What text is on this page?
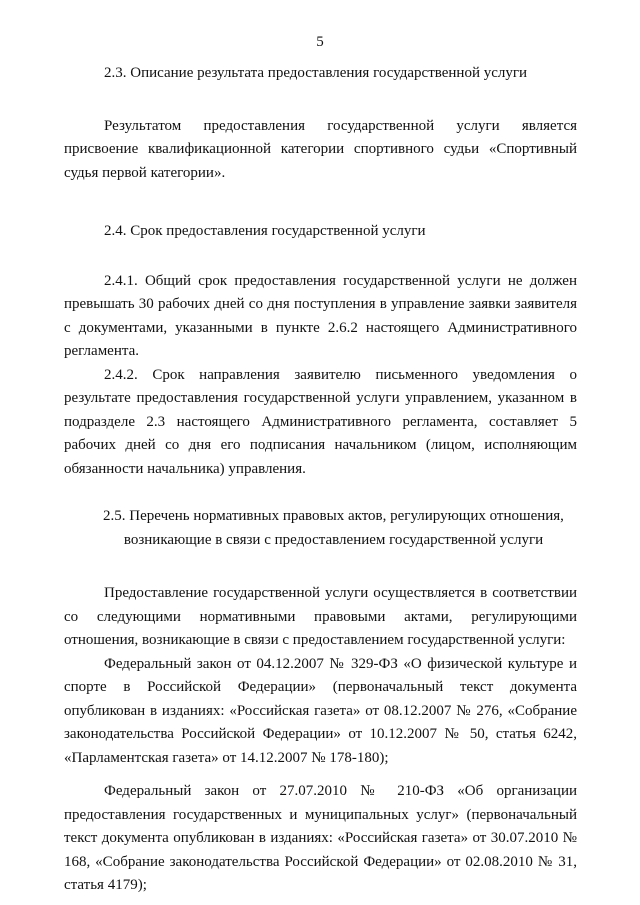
5

2.3. Описание результата предоставления государственной услуги

Результатом предоставления государственной услуги является присвоение квалификационной категории спортивного судьи «Спортивный судья первой категории».

2.4. Срок предоставления государственной услуги

2.4.1. Общий срок предоставления государственной услуги не должен превышать 30 рабочих дней со дня поступления в управление заявки заявителя с документами, указанными в пункте 2.6.2 настоящего Административного регламента.

2.4.2. Срок направления заявителю письменного уведомления о результате предоставления государственной услуги управлением, указанном в подразделе 2.3 настоящего Административного регламента, составляет 5 рабочих дней со дня его подписания начальником (лицом, исполняющим обязанности начальника) управления.

2.5. Перечень нормативных правовых актов, регулирующих отношения,

возникающие в связи с предоставлением государственной услуги

Предоставление государственной услуги осуществляется в соответствии со следующими нормативными правовыми актами, регулирующими отношения, возникающие в связи с предоставлением государственной услуги:

Федеральный закон от 04.12.2007 № 329-ФЗ «О физической культуре и спорте в Российской Федерации» (первоначальный текст документа опубликован в изданиях: «Российская газета» от 08.12.2007 № 276, «Собрание законодательства Российской Федерации» от 10.12.2007 № 50, статья 6242, «Парламентская газета» от 14.12.2007 № 178-180);

Федеральный закон от 27.07.2010 № 210-ФЗ «Об организации предоставления государственных и муниципальных услуг» (первоначальный текст документа опубликован в изданиях: «Российская газета» от 30.07.2010 № 168, «Собрание законодательства Российской Федерации» от 02.08.2010 № 31, статья 4179);
